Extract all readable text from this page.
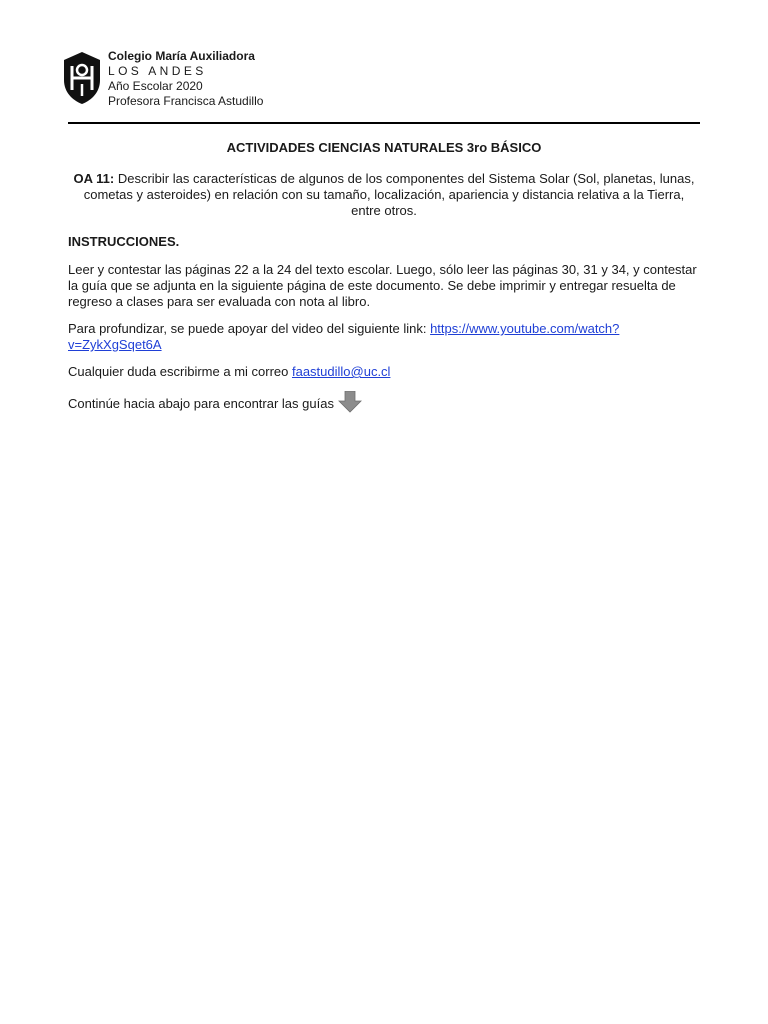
Colegio María Auxiliadora
LOS ANDES
Año Escolar 2020
Profesora Francisca Astudillo
ACTIVIDADES CIENCIAS NATURALES 3ro BÁSICO

OA 11: Describir las características de algunos de los componentes del Sistema Solar (Sol, planetas, lunas, cometas y asteroides) en relación con su tamaño, localización, apariencia y distancia relativa a la Tierra, entre otros.

INSTRUCCIONES.

Leer y contestar las páginas 22 a la 24 del texto escolar. Luego, sólo leer las páginas 30, 31 y 34, y contestar la guía que se adjunta en la siguiente página de este documento. Se debe imprimir y entregar resuelta de regreso a clases para ser evaluada con nota al libro.

Para profundizar, se puede apoyar del video del siguiente link: https://www.youtube.com/watch?v=ZykXgSqet6A

Cualquier duda escribirme a mi correo faastudillo@uc.cl

Continúe hacia abajo para encontrar las guías
